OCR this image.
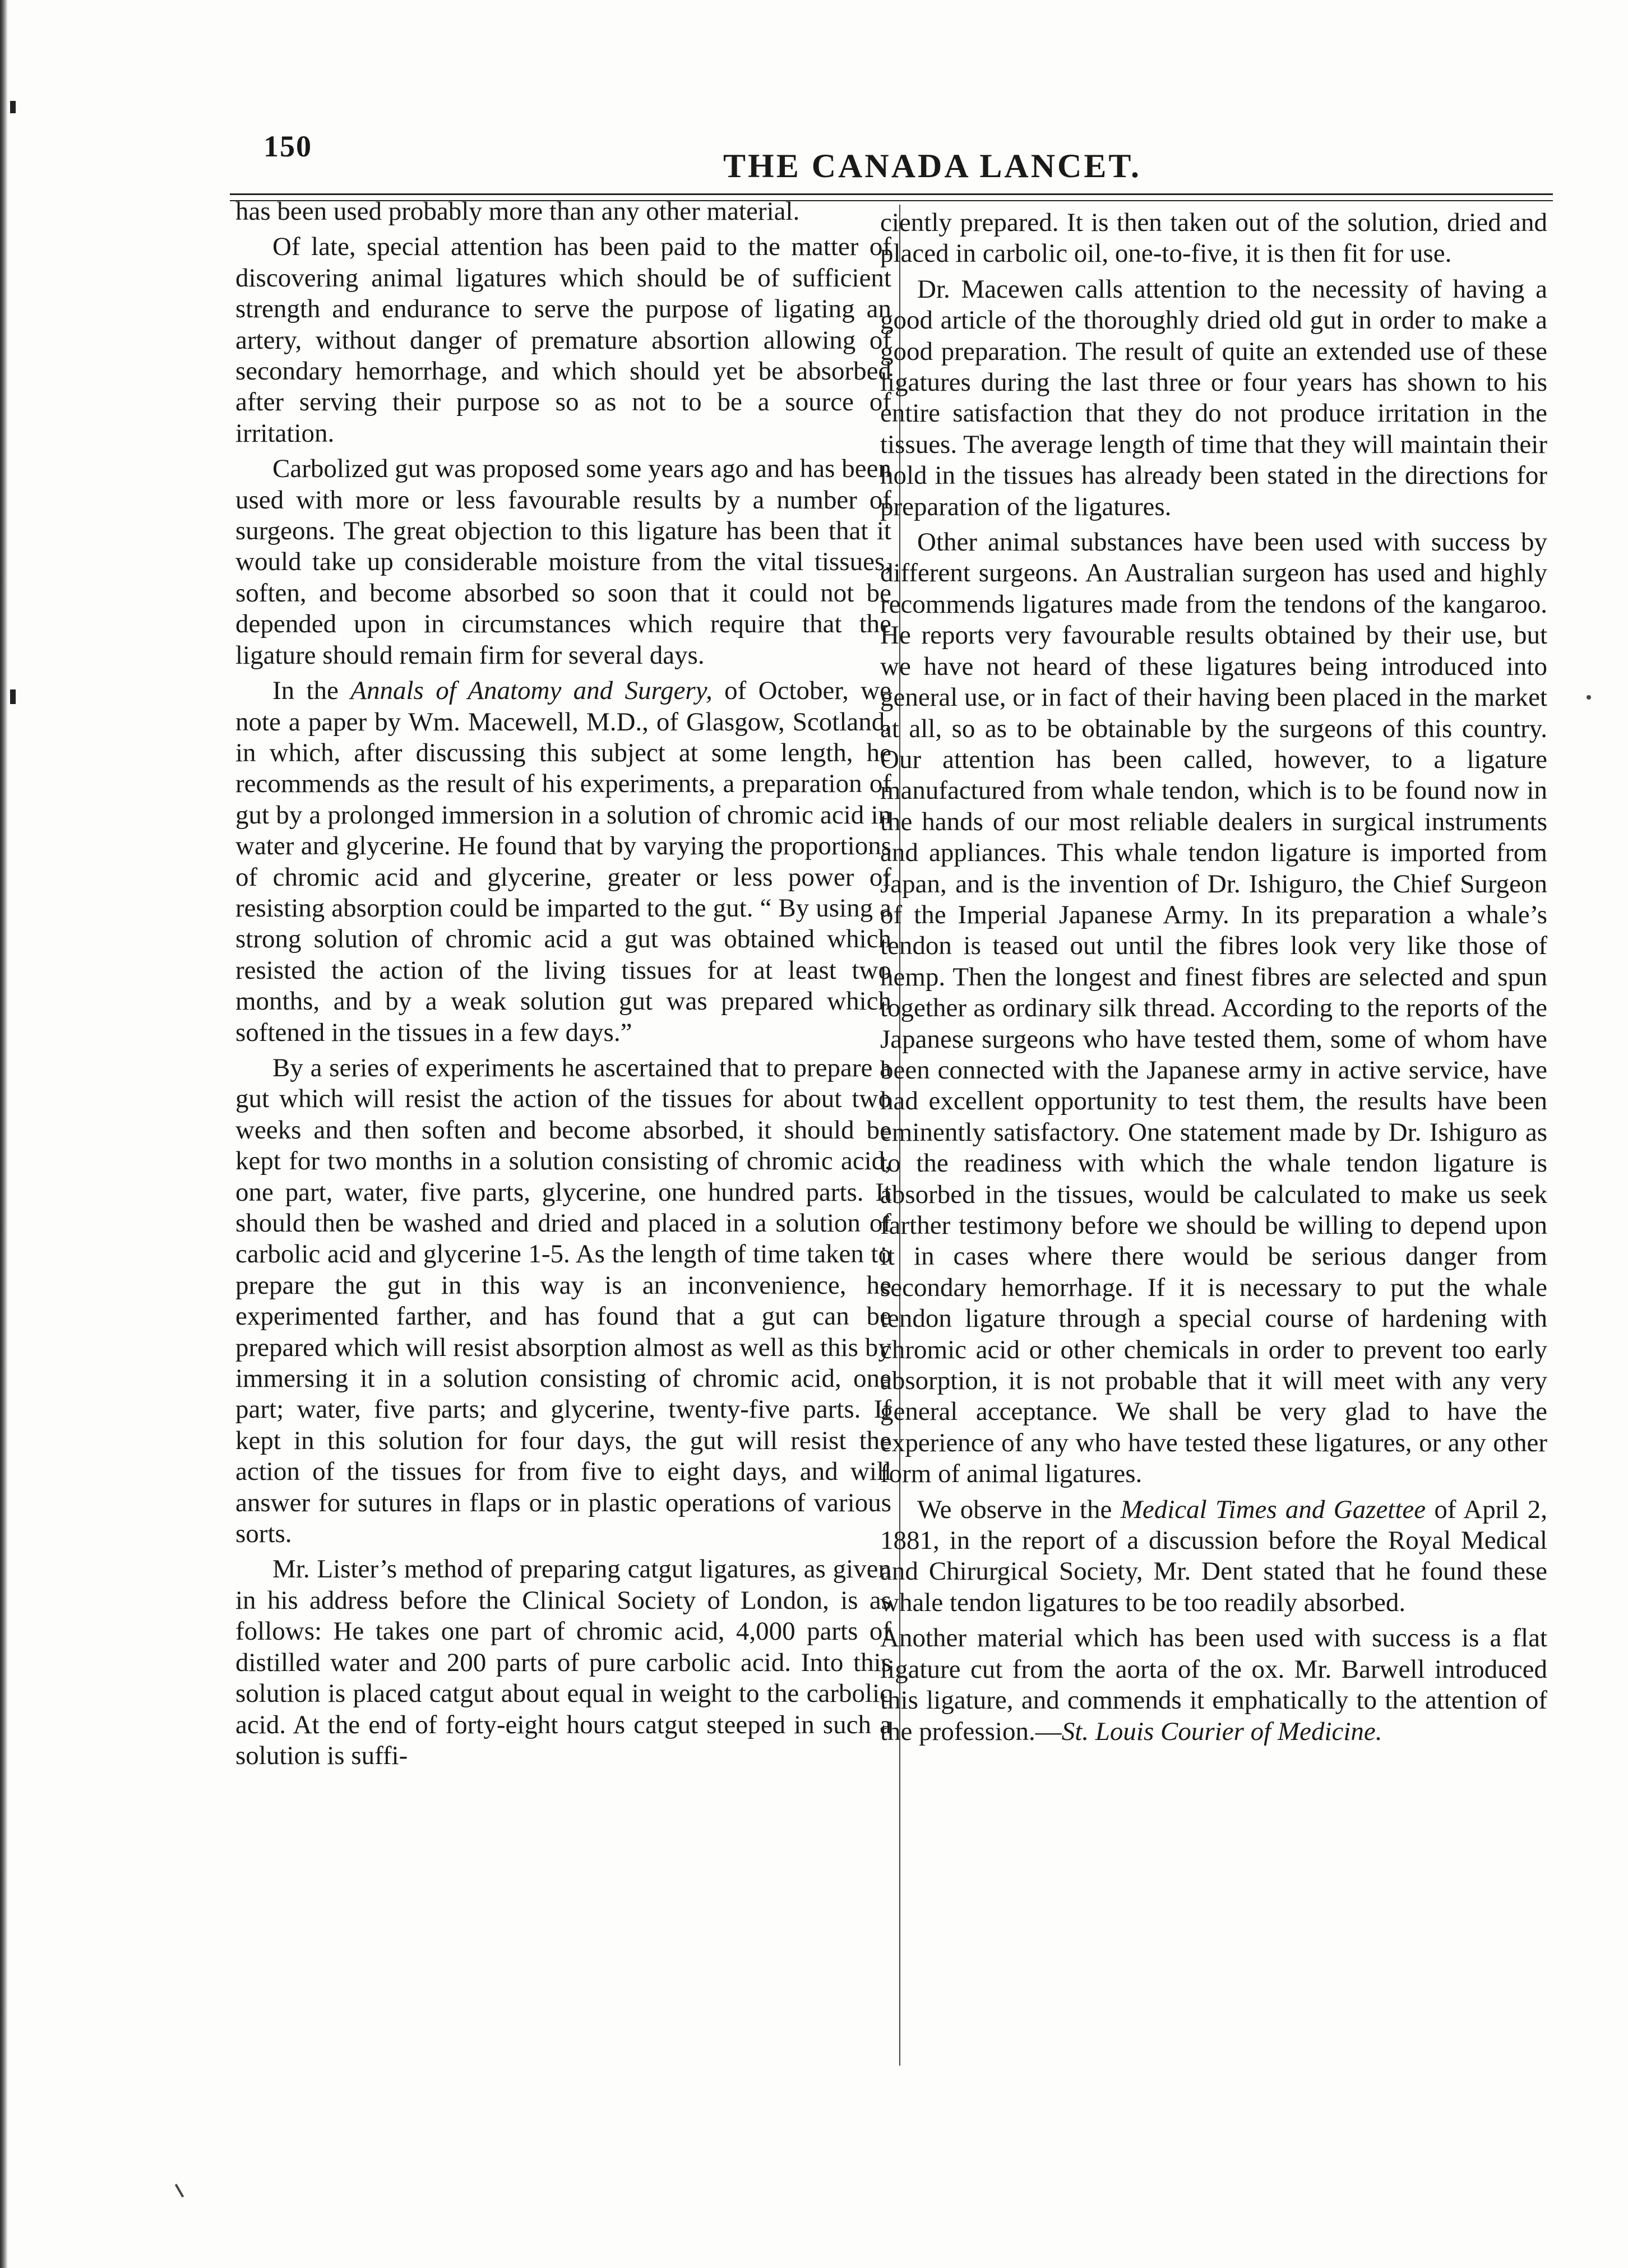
150
THE CANADA LANCET.

has been used probably more than any other material.

Of late, special attention has been paid to the matter of discovering animal ligatures which should be of sufficient strength and endurance to serve the purpose of ligating an artery, without danger of premature absortion allowing of secondary hemorrhage, and which should yet be absorbed after serving their purpose so as not to be a source of irritation.

Carbolized gut was proposed some years ago and has been used with more or less favourable results by a number of surgeons. The great objection to this ligature has been that it would take up considerable moisture from the vital tissues, soften, and become absorbed so soon that it could not be depended upon in circumstances which require that the ligature should remain firm for several days.

In the Annals of Anatomy and Surgery, of October, we note a paper by Wm. Macewell, M.D., of Glasgow, Scotland, in which, after discussing this subject at some length, he recommends as the result of his experiments, a preparation of gut by a prolonged immersion in a solution of chromic acid in water and glycerine. He found that by varying the proportions of chromic acid and glycerine, greater or less power of resisting absorption could be imparted to the gut. “ By using a strong solution of chromic acid a gut was obtained which resisted the action of the living tissues for at least two months, and by a weak solution gut was prepared which softened in the tissues in a few days.”

By a series of experiments he ascertained that to prepare a gut which will resist the action of the tissues for about two weeks and then soften and become absorbed, it should be kept for two months in a solution consisting of chromic acid, one part, water, five parts, glycerine, one hundred parts. It should then be washed and dried and placed in a solution of carbolic acid and glycerine 1-5. As the length of time taken to prepare the gut in this way is an inconvenience, he experimented farther, and has found that a gut can be prepared which will resist absorption almost as well as this by immersing it in a solution consisting of chromic acid, one part; water, five parts; and glycerine, twenty-five parts. If kept in this solution for four days, the gut will resist the action of the tissues for from five to eight days, and will answer for sutures in flaps or in plastic operations of various sorts.

Mr. Lister’s method of preparing catgut ligatures, as given in his address before the Clinical Society of London, is as follows: He takes one part of chromic acid, 4,000 parts of distilled water and 200 parts of pure carbolic acid. Into this solution is placed catgut about equal in weight to the carbolic acid. At the end of forty-eight hours catgut steeped in such a solution is suffi-

ciently prepared. It is then taken out of the solution, dried and placed in carbolic oil, one-to-five, it is then fit for use.

Dr. Macewen calls attention to the necessity of having a good article of the thoroughly dried old gut in order to make a good preparation. The result of quite an extended use of these ligatures during the last three or four years has shown to his entire satisfaction that they do not produce irritation in the tissues. The average length of time that they will maintain their hold in the tissues has already been stated in the directions for preparation of the ligatures.

Other animal substances have been used with success by different surgeons. An Australian surgeon has used and highly recommends ligatures made from the tendons of the kangaroo. He reports very favourable results obtained by their use, but we have not heard of these ligatures being introduced into general use, or in fact of their having been placed in the market at all, so as to be obtainable by the surgeons of this country. Our attention has been called, however, to a ligature manufactured from whale tendon, which is to be found now in the hands of our most reliable dealers in surgical instruments and appliances. This whale tendon ligature is imported from Japan, and is the invention of Dr. Ishiguro, the Chief Surgeon of the Imperial Japanese Army. In its preparation a whale’s tendon is teased out until the fibres look very like those of hemp. Then the longest and finest fibres are selected and spun together as ordinary silk thread. According to the reports of the Japanese surgeons who have tested them, some of whom have been connected with the Japanese army in active service, have had excellent opportunity to test them, the results have been eminently satisfactory. One statement made by Dr. Ishiguro as to the readiness with which the whale tendon ligature is absorbed in the tissues, would be calculated to make us seek farther testimony before we should be willing to depend upon it in cases where there would be serious danger from secondary hemorrhage. If it is necessary to put the whale tendon ligature through a special course of hardening with chromic acid or other chemicals in order to prevent too early absorption, it is not probable that it will meet with any very general acceptance. We shall be very glad to have the experience of any who have tested these ligatures, or any other form of animal ligatures.

We observe in the Medical Times and Gazettee of April 2, 1881, in the report of a discussion before the Royal Medical and Chirurgical Society, Mr. Dent stated that he found these whale tendon ligatures to be too readily absorbed.

Another material which has been used with success is a flat ligature cut from the aorta of the ox. Mr. Barwell introduced this ligature, and commends it emphatically to the attention of the profession.—St. Louis Courier of Medicine.
